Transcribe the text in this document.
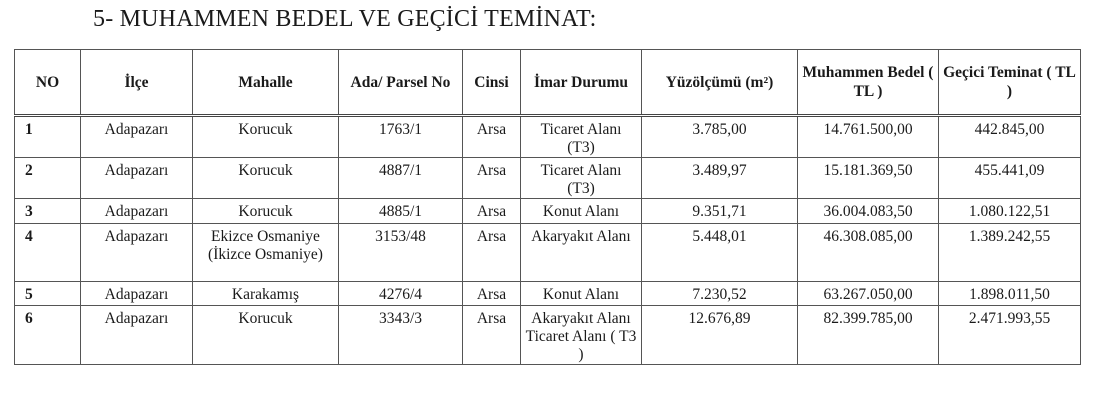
5- MUHAMMEN BEDEL VE GEÇİCİ TEMİNAT:
NO	İlçe	Mahalle	Ada/ Parsel No	Cinsi	İmar Durumu	Yüzölçümü (m²)	Muhammen Bedel ( TL )	Geçici Teminat ( TL )
1	Adapazarı	Korucuk	1763/1	Arsa	Ticaret Alanı (T3)	3.785,00	14.761.500,00	442.845,00
2	Adapazarı	Korucuk	4887/1	Arsa	Ticaret Alanı (T3)	3.489,97	15.181.369,50	455.441,09
3	Adapazarı	Korucuk	4885/1	Arsa	Konut Alanı	9.351,71	36.004.083,50	1.080.122,51
4	Adapazarı	Ekizce Osmaniye (İkizce Osmaniye)	3153/48	Arsa	Akaryakıt Alanı	5.448,01	46.308.085,00	1.389.242,55
5	Adapazarı	Karakamış	4276/4	Arsa	Konut Alanı	7.230,52	63.267.050,00	1.898.011,50
6	Adapazarı	Korucuk	3343/3	Arsa	Akaryakıt Alanı Ticaret Alanı ( T3 )	12.676,89	82.399.785,00	2.471.993,55
